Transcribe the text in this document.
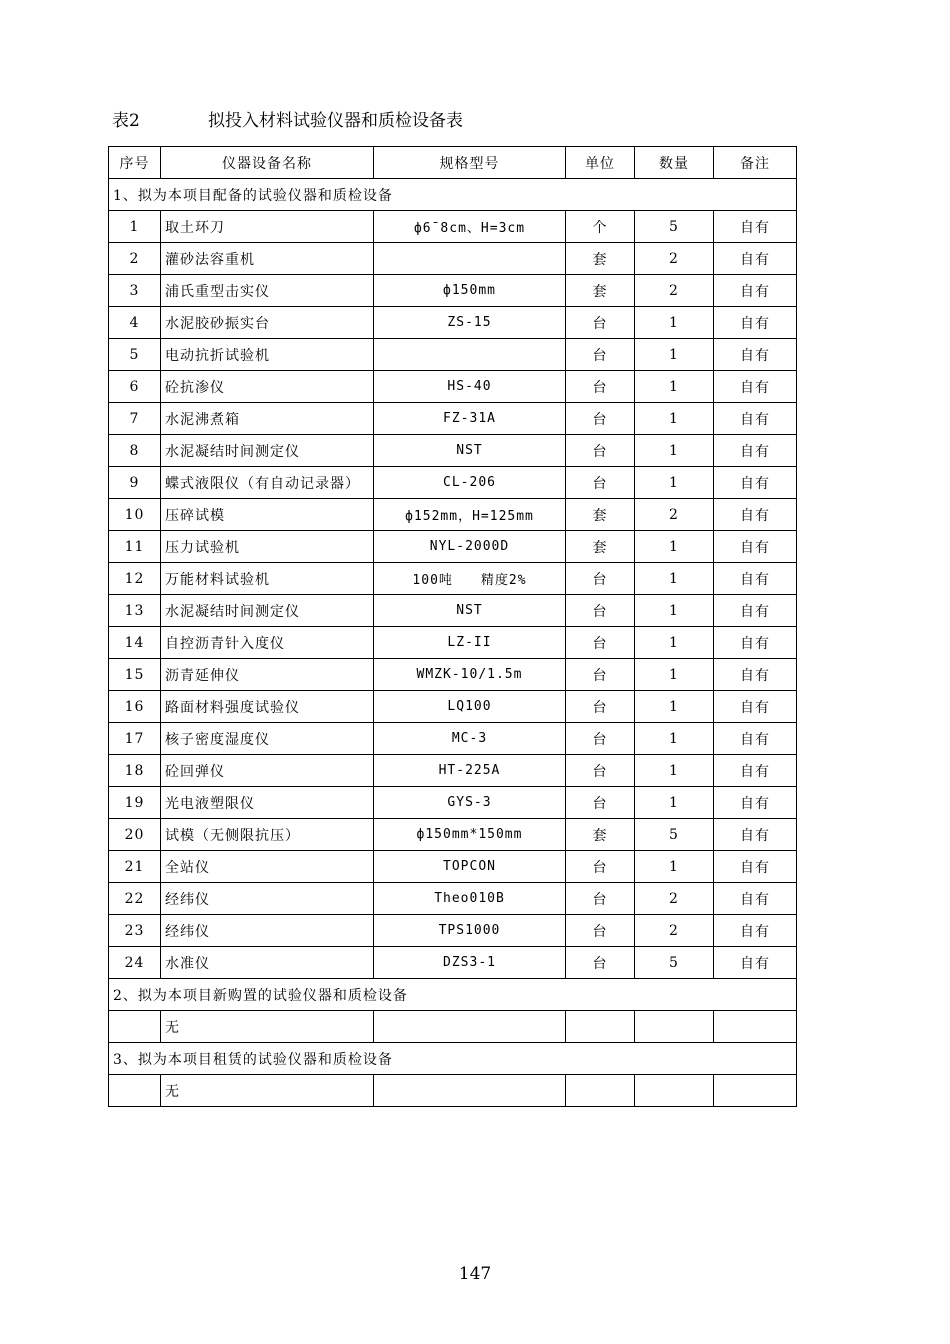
表2	拟投入材料试验仪器和质检设备表
序号	仪器设备名称	规格型号	单位	数量	备注
1、拟为本项目配备的试验仪器和质检设备					
1	取土环刀	ф6¯8cm、H=3cm	个	5	自有
2	灌砂法容重机		套	2	自有
3	浦氏重型击实仪	ф150mm	套	2	自有
4	水泥胶砂振实台	ZS-15	台	1	自有
5	电动抗折试验机		台	1	自有
6	砼抗渗仪	HS-40	台	1	自有
7	水泥沸煮箱	FZ-31A	台	1	自有
8	水泥凝结时间测定仪	NST	台	1	自有
9	蝶式液限仪（有自动记录器）	CL-206	台	1	自有
10	压碎试模	ф152mm，H=125mm	套	2	自有
11	压力试验机	NYL-2000D	套	1	自有
12	万能材料试验机	100吨　　精度2%	台	1	自有
13	水泥凝结时间测定仪	NST	台	1	自有
14	自控沥青针入度仪	LZ-II	台	1	自有
15	沥青延伸仪	WMZK-10/1.5m	台	1	自有
16	路面材料强度试验仪	LQ100	台	1	自有
17	核子密度湿度仪	MC-3	台	1	自有
18	砼回弹仪	HT-225A	台	1	自有
19	光电液塑限仪	GYS-3	台	1	自有
20	试模（无侧限抗压）	ф150mm*150mm	套	5	自有
21	全站仪	TOPCON	台	1	自有
22	经纬仪	Theo010B	台	2	自有
23	经纬仪	TPS1000	台	2	自有
24	水准仪	DZS3-1	台	5	自有
2、拟为本项目新购置的试验仪器和质检设备					
	无				
3、拟为本项目租赁的试验仪器和质检设备					
	无				
147
